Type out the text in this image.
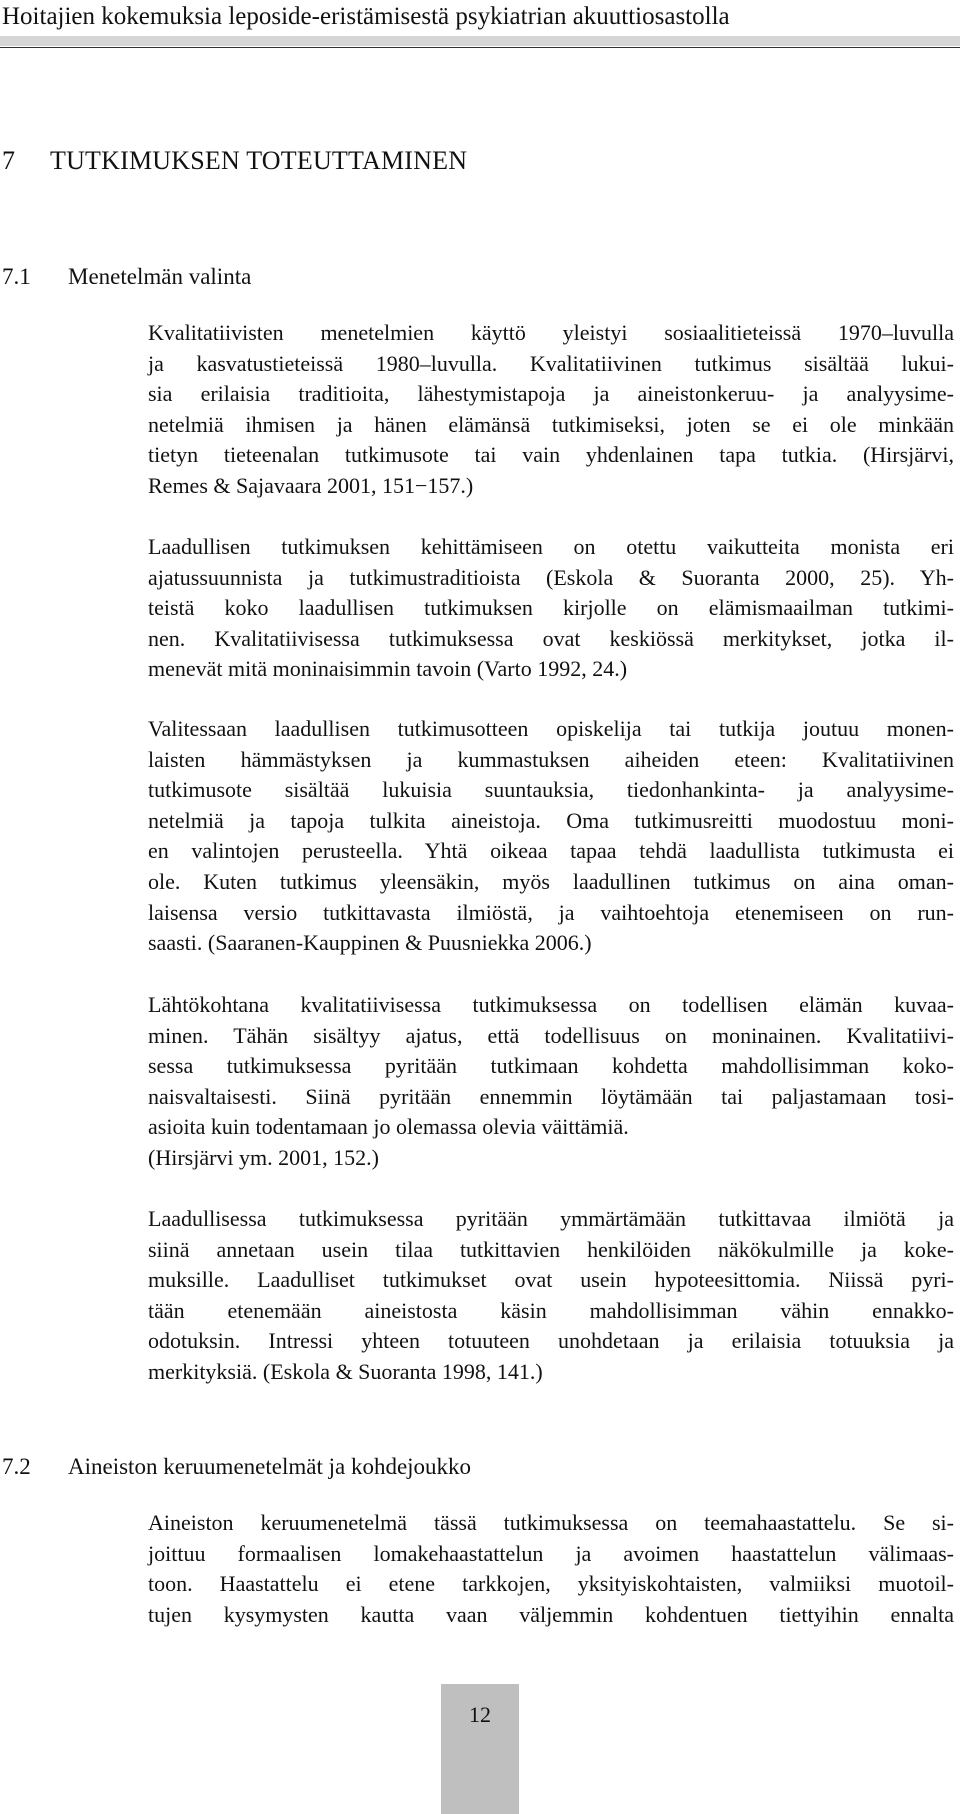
Hoitajien kokemuksia leposide-eristämisestä psykiatrian akuuttiosastolla
7 TUTKIMUKSEN TOTEUTTAMINEN
7.1 Menetelmän valinta

Kvalitatiivisten menetelmien käyttö yleistyi sosiaalitieteissä 1970–luvulla
ja kasvatustieteissä 1980–luvulla. Kvalitatiivinen tutkimus sisältää lukui-
sia erilaisia traditioita, lähestymistapoja ja aineistonkeruu- ja analyysime-
netelmiä ihmisen ja hänen elämänsä tutkimiseksi, joten se ei ole minkään
tietyn tieteenalan tutkimusote tai vain yhdenlainen tapa tutkia. (Hirsjärvi,
Remes & Sajavaara 2001, 151−157.)

Laadullisen tutkimuksen kehittämiseen on otettu vaikutteita monista eri
ajatussuunnista ja tutkimustraditioista (Eskola & Suoranta 2000, 25). Yh-
teistä koko laadullisen tutkimuksen kirjolle on elämismaailman tutkimi-
nen. Kvalitatiivisessa tutkimuksessa ovat keskiössä merkitykset, jotka il-
menevät mitä moninaisimmin tavoin (Varto 1992, 24.)

Valitessaan laadullisen tutkimusotteen opiskelija tai tutkija joutuu monen-
laisten hämmästyksen ja kummastuksen aiheiden eteen: Kvalitatiivinen
tutkimusote sisältää lukuisia suuntauksia, tiedonhankinta- ja analyysime-
netelmiä ja tapoja tulkita aineistoja. Oma tutkimusreitti muodostuu moni-
en valintojen perusteella. Yhtä oikeaa tapaa tehdä laadullista tutkimusta ei
ole. Kuten tutkimus yleensäkin, myös laadullinen tutkimus on aina oman-
laisensa versio tutkittavasta ilmiöstä, ja vaihtoehtoja etenemiseen on run-
saasti. (Saaranen-Kauppinen & Puusniekka 2006.)

Lähtökohtana kvalitatiivisessa tutkimuksessa on todellisen elämän kuvaa-
minen. Tähän sisältyy ajatus, että todellisuus on moninainen. Kvalitatiivi-
sessa tutkimuksessa pyritään tutkimaan kohdetta mahdollisimman koko-
naisvaltaisesti. Siinä pyritään ennemmin löytämään tai paljastamaan tosi-
asioita kuin todentamaan jo olemassa olevia väittämiä.
(Hirsjärvi ym. 2001, 152.)

Laadullisessa tutkimuksessa pyritään ymmärtämään tutkittavaa ilmiötä ja
siinä annetaan usein tilaa tutkittavien henkilöiden näkökulmille ja koke-
muksille. Laadulliset tutkimukset ovat usein hypoteesittomia. Niissä pyri-
tään etenemään aineistosta käsin mahdollisimman vähin ennakko-
odotuksin. Intressi yhteen totuuteen unohdetaan ja erilaisia totuuksia ja
merkityksiä. (Eskola & Suoranta 1998, 141.)

7.2 Aineiston keruumenetelmät ja kohdejoukko

Aineiston keruumenetelmä tässä tutkimuksessa on teemahaastattelu. Se si-
joittuu formaalisen lomakehaastattelun ja avoimen haastattelun välimaas-
toon. Haastattelu ei etene tarkkojen, yksityiskohtaisten, valmiiksi muotoil-
tujen kysymysten kautta vaan väljemmin kohdentuen tiettyihin ennalta

12
